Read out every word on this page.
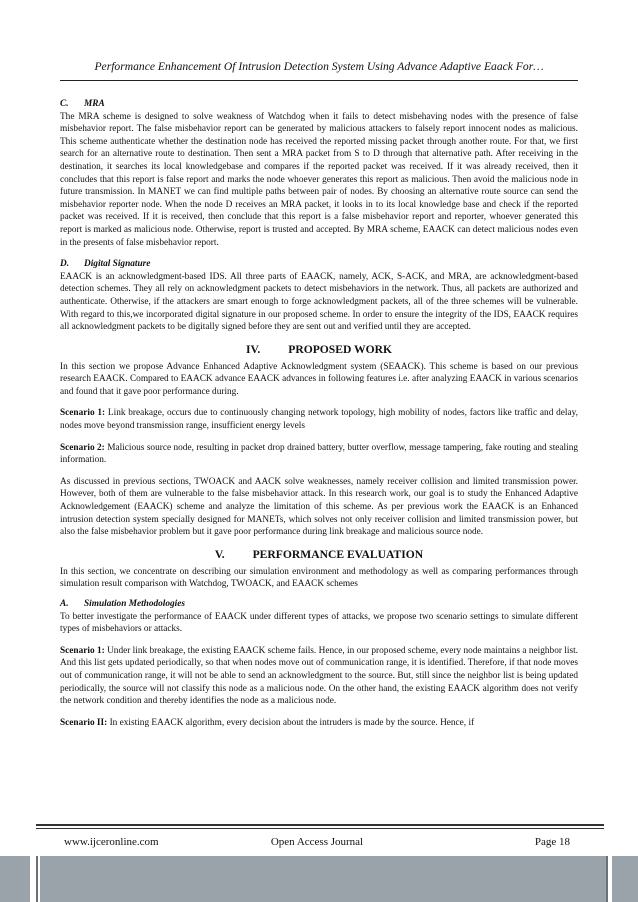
Performance Enhancement Of Intrusion Detection System Using Advance Adaptive Eaack For…
C. MRA

The MRA scheme is designed to solve weakness of Watchdog when it fails to detect misbehaving nodes with the presence of false misbehavior report. The false misbehavior report can be generated by malicious attackers to falsely report innocent nodes as malicious. This scheme authenticate whether the destination node has received the reported missing packet through another route. For that, we first search for an alternative route to destination. Then sent a MRA packet from S to D through that alternative path. After receiving in the destination, it searches its local knowledgebase and compares if the reported packet was received. If it was already received, then it concludes that this report is false report and marks the node whoever generates this report as malicious. Then avoid the malicious node in future transmission. In MANET we can find multiple paths between pair of nodes. By choosing an alternative route source can send the misbehavior reporter node. When the node D receives an MRA packet, it looks in to its local knowledge base and check if the reported packet was received. If it is received, then conclude that this report is a false misbehavior report and reporter, whoever generated this report is marked as malicious node. Otherwise, report is trusted and accepted. By MRA scheme, EAACK can detect malicious nodes even in the presents of false misbehavior report.

D. Digital Signature

EAACK is an acknowledgment-based IDS. All three parts of EAACK, namely, ACK, S-ACK, and MRA, are acknowledgment-based detection schemes. They all rely on acknowledgment packets to detect misbehaviors in the network. Thus, all packets are authorized and authenticate. Otherwise, if the attackers are smart enough to forge acknowledgment packets, all of the three schemes will be vulnerable. With regard to this,we incorporated digital signature in our proposed scheme. In order to ensure the integrity of the IDS, EAACK requires all acknowledgment packets to be digitally signed before they are sent out and verified until they are accepted.

IV. PROPOSED WORK

In this section we propose Advance Enhanced Adaptive Acknowledgment system (SEAACK). This scheme is based on our previous research EAACK. Compared to EAACK advance EAACK advances in following features i.e. after analyzing EAACK in various scenarios and found that it gave poor performance during.

Scenario 1: Link breakage, occurs due to continuously changing network topology, high mobility of nodes, factors like traffic and delay, nodes move beyond transmission range, insufficient energy levels

Scenario 2: Malicious source node, resulting in packet drop drained battery, butter overflow, message tampering, fake routing and stealing information.

As discussed in previous sections, TWOACK and AACK solve weaknesses, namely receiver collision and limited transmission power. However, both of them are vulnerable to the false misbehavior attack. In this research work, our goal is to study the Enhanced Adaptive Acknowledgement (EAACK) scheme and analyze the limitation of this scheme. As per previous work the EAACK is an Enhanced intrusion detection system specially designed for MANETs, which solves not only receiver collision and limited transmission power, but also the false misbehavior problem but it gave poor performance during link breakage and malicious source node.

V. PERFORMANCE EVALUATION

In this section, we concentrate on describing our simulation environment and methodology as well as comparing performances through simulation result comparison with Watchdog, TWOACK, and EAACK schemes

A. Simulation Methodologies

To better investigate the performance of EAACK under different types of attacks, we propose two scenario settings to simulate different types of misbehaviors or attacks.

Scenario 1: Under link breakage, the existing EAACK scheme fails. Hence, in our proposed scheme, every node maintains a neighbor list. And this list gets updated periodically, so that when nodes move out of communication range, it is identified. Therefore, if that node moves out of communication range, it will not be able to send an acknowledgment to the source. But, still since the neighbor list is being updated periodically, the source will not classify this node as a malicious node. On the other hand, the existing EAACK algorithm does not verify the network condition and thereby identifies the node as a malicious node.

Scenario II: In existing EAACK algorithm, every decision about the intruders is made by the source. Hence, if

www.ijceronline.com	Open Access Journal	Page 18
